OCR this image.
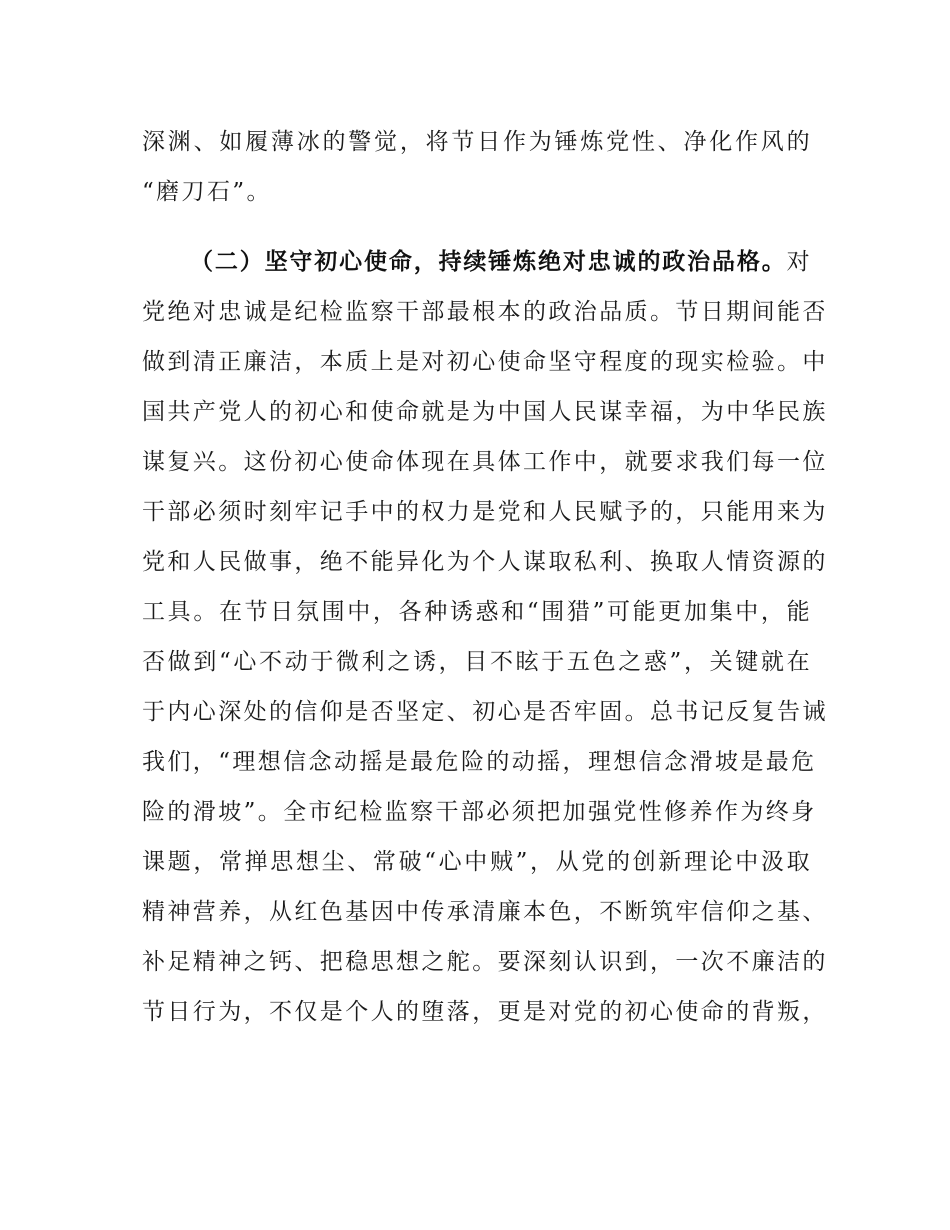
深渊、如履薄冰的警觉，将节日作为锤炼党性、净化作风的
“磨刀石”。
（二）坚守初心使命，持续锤炼绝对忠诚的政治品格。对
党绝对忠诚是纪检监察干部最根本的政治品质。节日期间能否
做到清正廉洁，本质上是对初心使命坚守程度的现实检验。中
国共产党人的初心和使命就是为中国人民谋幸福，为中华民族
谋复兴。这份初心使命体现在具体工作中，就要求我们每一位
干部必须时刻牢记手中的权力是党和人民赋予的，只能用来为
党和人民做事，绝不能异化为个人谋取私利、换取人情资源的
工具。在节日氛围中，各种诱惑和“围猎”可能更加集中，能
否做到“心不动于微利之诱，目不眩于五色之惑”，关键就在
于内心深处的信仰是否坚定、初心是否牢固。总书记反复告诫
我们，“理想信念动摇是最危险的动摇，理想信念滑坡是最危
险的滑坡”。全市纪检监察干部必须把加强党性修养作为终身
课题，常掸思想尘、常破“心中贼”，从党的创新理论中汲取
精神营养，从红色基因中传承清廉本色，不断筑牢信仰之基、
补足精神之钙、把稳思想之舵。要深刻认识到，一次不廉洁的
节日行为，不仅是个人的堕落，更是对党的初心使命的背叛，
